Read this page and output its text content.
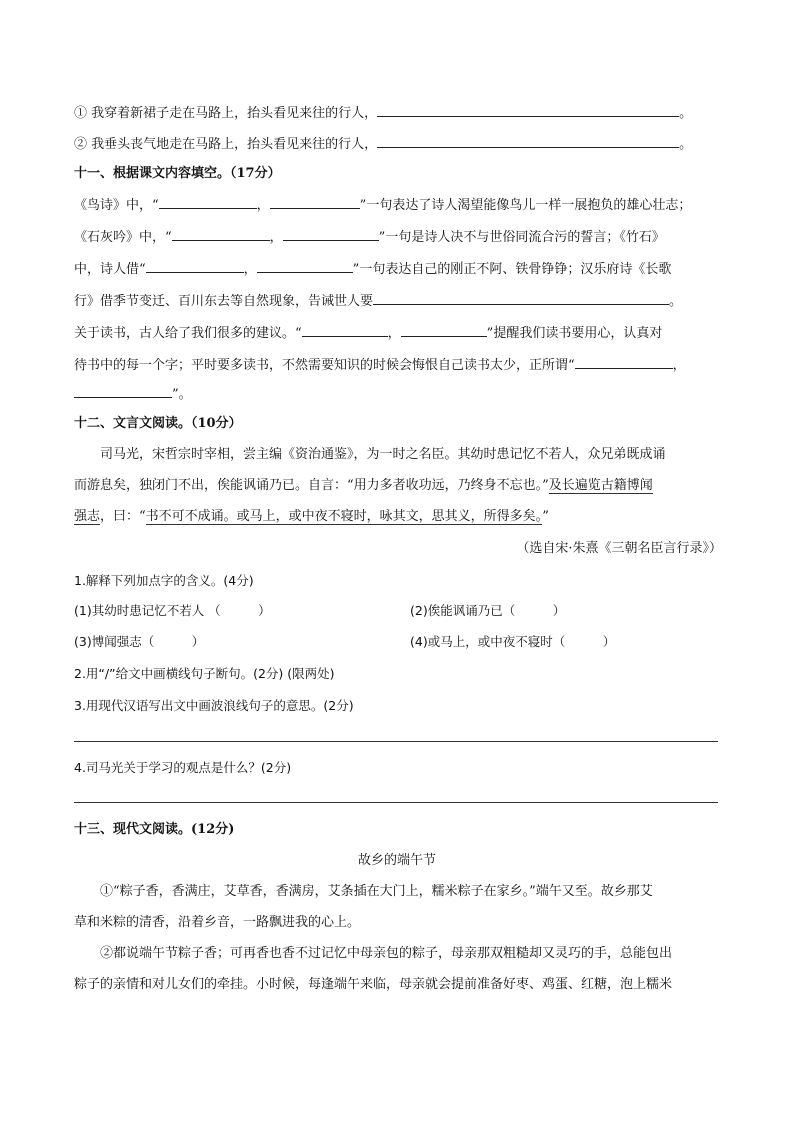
① 我穿着新裙子走在马路上，抬头看见来往的行人，	。
② 我垂头丧气地走在马路上，抬头看见来往的行人，	。
十一、根据课文内容填空。（17分）
《鸟诗》中，“	，	”一句表达了诗人渴望能像鸟儿一样一展抱负的雄心壮志；
《石灰吟》中，“	，	”一句是诗人决不与世俗同流合污的誓言；《竹石》
中，诗人借“	，	”一句表达自己的刚正不阿、铁骨铮铮；汉乐府诗《长歌
行》借季节变迁、百川东去等自然现象，告诫世人要	。
关于读书，古人给了我们很多的建议。“	，	”提醒我们读书要用心，认真对
待书中的每一个字；平时要多读书，不然需要知识的时候会悔恨自己读书太少，正所谓“	，
”。
十二、文言文阅读。（10分）
司马光，宋哲宗时宰相，尝主编《资治通鉴》，为一时之名臣。其幼时患记忆不若人，众兄弟既成诵
而游息矣，独闭门不出，俟能讽诵乃已。自言：“用力多者收功远，乃终身不忘也。”及长遍览古籍博闻
强志，曰：“书不可不成诵。或马上，或中夜不寝时，咏其文，思其义，所得多矣。”
（选自宋·朱熹《三朝名臣言行录》）
1.解释下列加点字的含义。(4分)
(1)其幼时患记忆不若人 （　　　）	(2)俟能讽诵乃已（　　　）
(3)博闻强志（　　　）	(4)或马上，或中夜不寝时（　　　）
2.用“/”给文中画横线句子断句。(2分) (限两处)
3.用现代汉语写出文中画波浪线句子的意思。(2分)
4.司马光关于学习的观点是什么？(2分)
十三、现代文阅读。(12分)
故乡的端午节
①“粽子香，香满庄，艾草香，香满房，艾条插在大门上，糯米粽子在家乡。”端午又至。故乡那艾
草和米粽的清香，沿着乡音，一路飘进我的心上。
②都说端午节粽子香；可再香也香不过记忆中母亲包的粽子，母亲那双粗糙却又灵巧的手，总能包出
粽子的亲情和对儿女们的牵挂。小时候，每逢端午来临，母亲就会提前准备好枣、鸡蛋、红糖，泡上糯米
